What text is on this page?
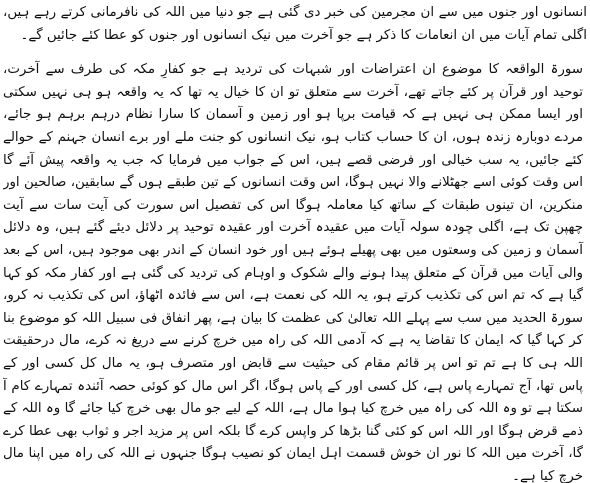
انسانوں اور جنوں میں سے ان مجرمین کی خبر دی گئی ہے جو دنیا میں اللہ کی نافرمانی کرتے رہے ہیں، اگلی تمام آیات میں ان انعامات کا ذکر ہے جو آخرت میں نیک انسانوں اور جنوں کو عطا کئے جائیں گے۔

سورۃ الواقعہ کا موضوع ان اعتراضات اور شبہات کی تردید ہے جو کفارِ مکہ کی طرف سے آخرت، توحید اور قرآن پر کئے جاتے تھے، آخرت سے متعلق تو ان کا خیال یہ تھا کہ یہ واقعہ ہو ہی نہیں سکتی اور ایسا ممکن ہی نہیں ہے کہ قیامت برپا ہو اور زمین و آسمان کا سارا نظام درہم برہم ہو جائے، مردے دوبارہ زندہ ہوں، ان کا حساب کتاب ہو، نیک انسانوں کو جنت ملے اور برے انسان جہنم کے حوالے کئے جائیں، یہ سب خیالی اور فرضی قصے ہیں، اس کے جواب میں فرمایا کہ جب یہ واقعہ پیش آئے گا اس وقت کوئی اسے جھٹلانے والا نہیں ہوگا، اس وقت انسانوں کے تین طبقے ہوں گے سابقین، صالحین اور منکرین، ان تینوں طبقات کے ساتھ کیا معاملہ ہوگا اس کی تفصیل اس سورت کی آیت سات سے آیت چھپن تک ہے، اگلی چودہ سولہ آیات میں عقیدہ آخرت اور عقیدہ توحید پر دلائل دیئے گئے ہیں، وہ دلائل آسمان و زمین کی وسعتوں میں بھی پھیلے ہوئے ہیں اور خود انسان کے اندر بھی موجود ہیں، اس کے بعد والی آیات میں قرآن کے متعلق پیدا ہونے والے شکوک و اوہام کی تردید کی گئی ہے اور کفار مکہ کو کہا گیا ہے کہ تم اس کی تکذیب کرتے ہو، یہ اللہ کی نعمت ہے، اس سے فائدہ اٹھاؤ، اس کی تکذیب نہ کرو، سورۃ الحدید میں سب سے پہلے اللہ تعالیٰ کی عظمت کا بیان ہے، پھر انفاق فی سبیل اللہ کو موضوع بنا کر کہا گیا کہ ایمان کا تقاضا یہ ہے کہ آدمی اللہ کی راہ میں خرچ کرنے سے دریغ نہ کرے، مال درحقیقت اللہ ہی کا ہے تم تو اس پر قائم مقام کی حیثیت سے قابض اور متصرف ہو، یہ مال کل کسی اور کے پاس تھا، آج تمہارے پاس ہے، کل کسی اور کے پاس ہوگا، اگر اس مال کو کوئی حصہ آئندہ تمہارے کام آ سکتا ہے تو وہ اللہ کی راہ میں خرچ کیا ہوا مال ہے، اللہ کے لیے جو مال بھی خرچ کیا جائے گا وہ اللہ کے ذمے قرض ہوگا اور اللہ اس کو کئی گنا بڑھا کر واپس کرے گا بلکہ اس پر مزید اجر و ثواب بھی عطا کرے گا، آخرت میں اللہ کا نور ان خوش قسمت اہل ایمان کو نصیب ہوگا جنہوں نے اللہ کی راہ میں اپنا مال خرچ کیا ہے۔
